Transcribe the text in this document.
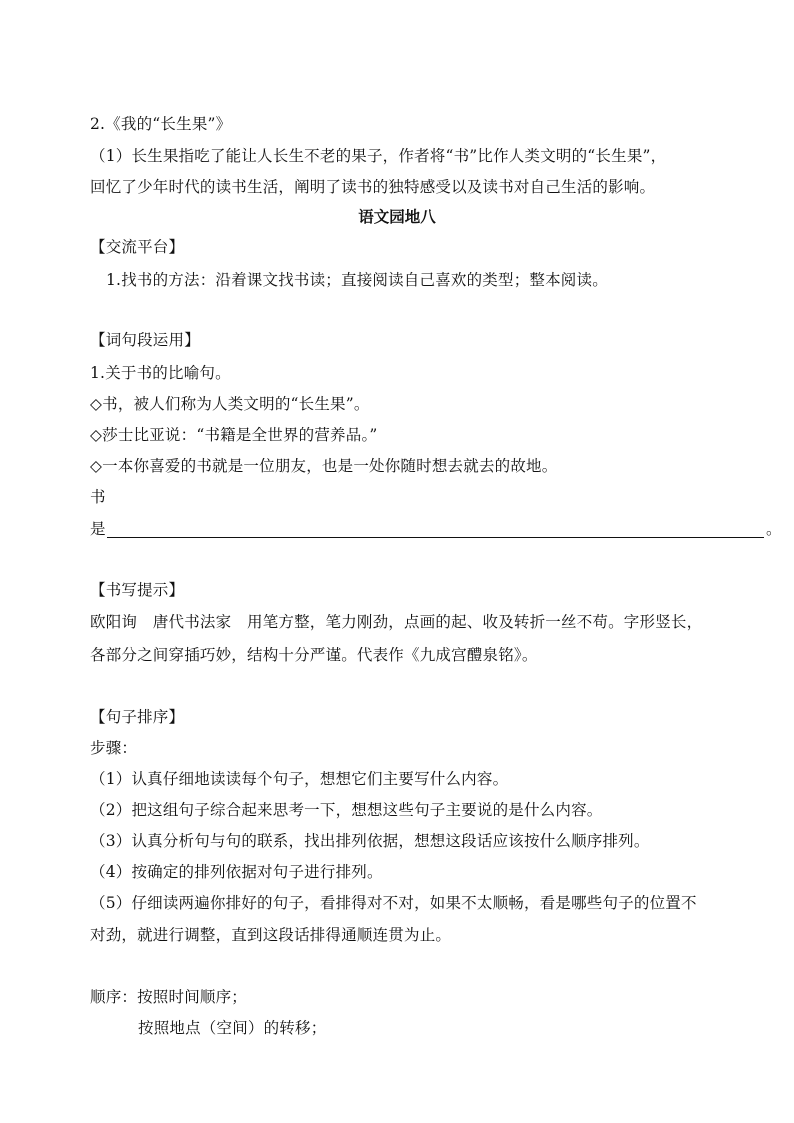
2.《我的“长生果”》
（1）长生果指吃了能让人长生不老的果子，作者将“书”比作人类文明的“长生果”，
回忆了少年时代的读书生活，阐明了读书的独特感受以及读书对自己生活的影响。
语文园地八
【交流平台】
1.找书的方法：沿着课文找书读；直接阅读自己喜欢的类型；整本阅读。
【词句段运用】
1.关于书的比喻句。
◇书，被人们称为人类文明的“长生果”。
◇莎士比亚说：“书籍是全世界的营养品。”
◇一本你喜爱的书就是一位朋友，也是一处你随时想去就去的故地。
书
是	。
【书写提示】
欧阳询　唐代书法家　用笔方整，笔力刚劲，点画的起、收及转折一丝不苟。字形竖长，
各部分之间穿插巧妙，结构十分严谨。代表作《九成宫醴泉铭》。
【句子排序】
步骤：
（1）认真仔细地读读每个句子，想想它们主要写什么内容。
（2）把这组句子综合起来思考一下，想想这些句子主要说的是什么内容。
（3）认真分析句与句的联系，找出排列依据，想想这段话应该按什么顺序排列。
（4）按确定的排列依据对句子进行排列。
（5）仔细读两遍你排好的句子，看排得对不对，如果不太顺畅，看是哪些句子的位置不
对劲，就进行调整，直到这段话排得通顺连贯为止。
顺序：按照时间顺序；
按照地点（空间）的转移；
